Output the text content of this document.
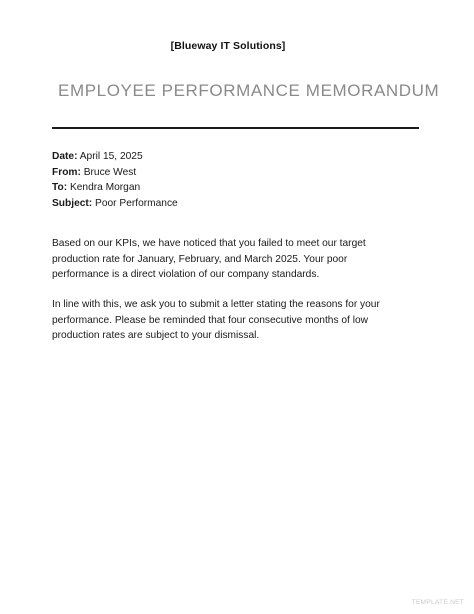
[Blueway IT Solutions]
EMPLOYEE PERFORMANCE MEMORANDUM
Date: April 15, 2025
From: Bruce West
To: Kendra Morgan
Subject: Poor Performance
Based on our KPIs, we have noticed that you failed to meet our target
production rate for January, February, and March 2025. Your poor
performance is a direct violation of our company standards.
In line with this, we ask you to submit a letter stating the reasons for your
performance. Please be reminded that four consecutive months of low
production rates are subject to your dismissal.
TEMPLATE.NET
